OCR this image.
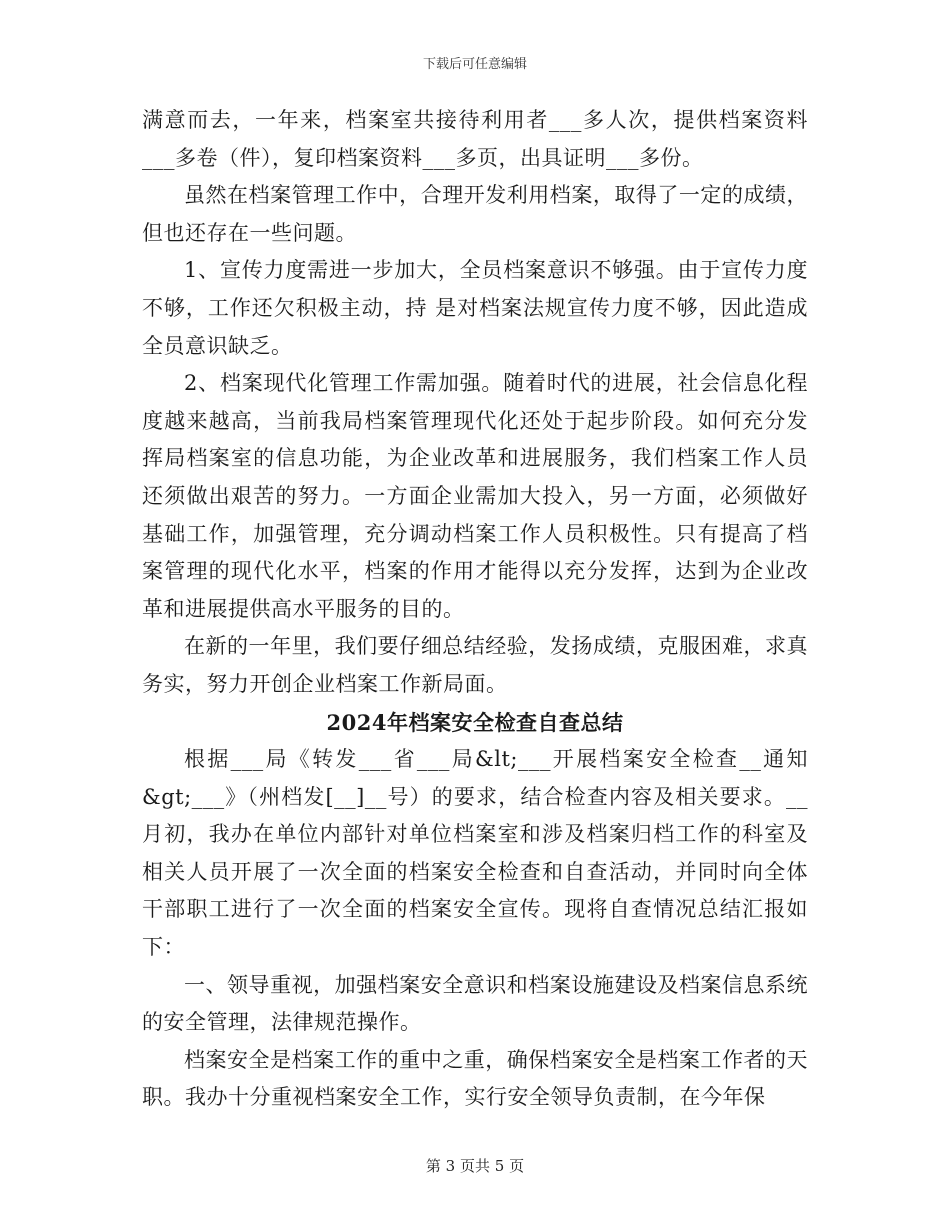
下载后可任意编辑

满意而去，一年来，档案室共接待利用者___多人次，提供档案资料___多卷（件），复印档案资料___多页，出具证明___多份。

虽然在档案管理工作中，合理开发利用档案，取得了一定的成绩，但也还存在一些问题。

1、宣传力度需进一步加大，全员档案意识不够强。由于宣传力度不够，工作还欠积极主动，持 是对档案法规宣传力度不够，因此造成全员意识缺乏。

2、档案现代化管理工作需加强。随着时代的进展，社会信息化程度越来越高，当前我局档案管理现代化还处于起步阶段。如何充分发挥局档案室的信息功能，为企业改革和进展服务，我们档案工作人员还须做出艰苦的努力。一方面企业需加大投入，另一方面，必须做好基础工作，加强管理，充分调动档案工作人员积极性。只有提高了档案管理的现代化水平，档案的作用才能得以充分发挥，达到为企业改革和进展提供高水平服务的目的。

在新的一年里，我们要仔细总结经验，发扬成绩，克服困难，求真务实，努力开创企业档案工作新局面。

2024年档案安全检查自查总结

根据___局《转发___省___局&lt;___开展档案安全检查__通知&gt;___》（州档发[__]__号）的要求，结合检查内容及相关要求。__月初，我办在单位内部针对单位档案室和涉及档案归档工作的科室及相关人员开展了一次全面的档案安全检查和自查活动，并同时向全体干部职工进行了一次全面的档案安全宣传。现将自查情况总结汇报如下：

一、领导重视，加强档案安全意识和档案设施建设及档案信息系统的安全管理，法律规范操作。

档案安全是档案工作的重中之重，确保档案安全是档案工作者的天职。我办十分重视档案安全工作，实行安全领导负责制，在今年保

第 3 页共 5 页
